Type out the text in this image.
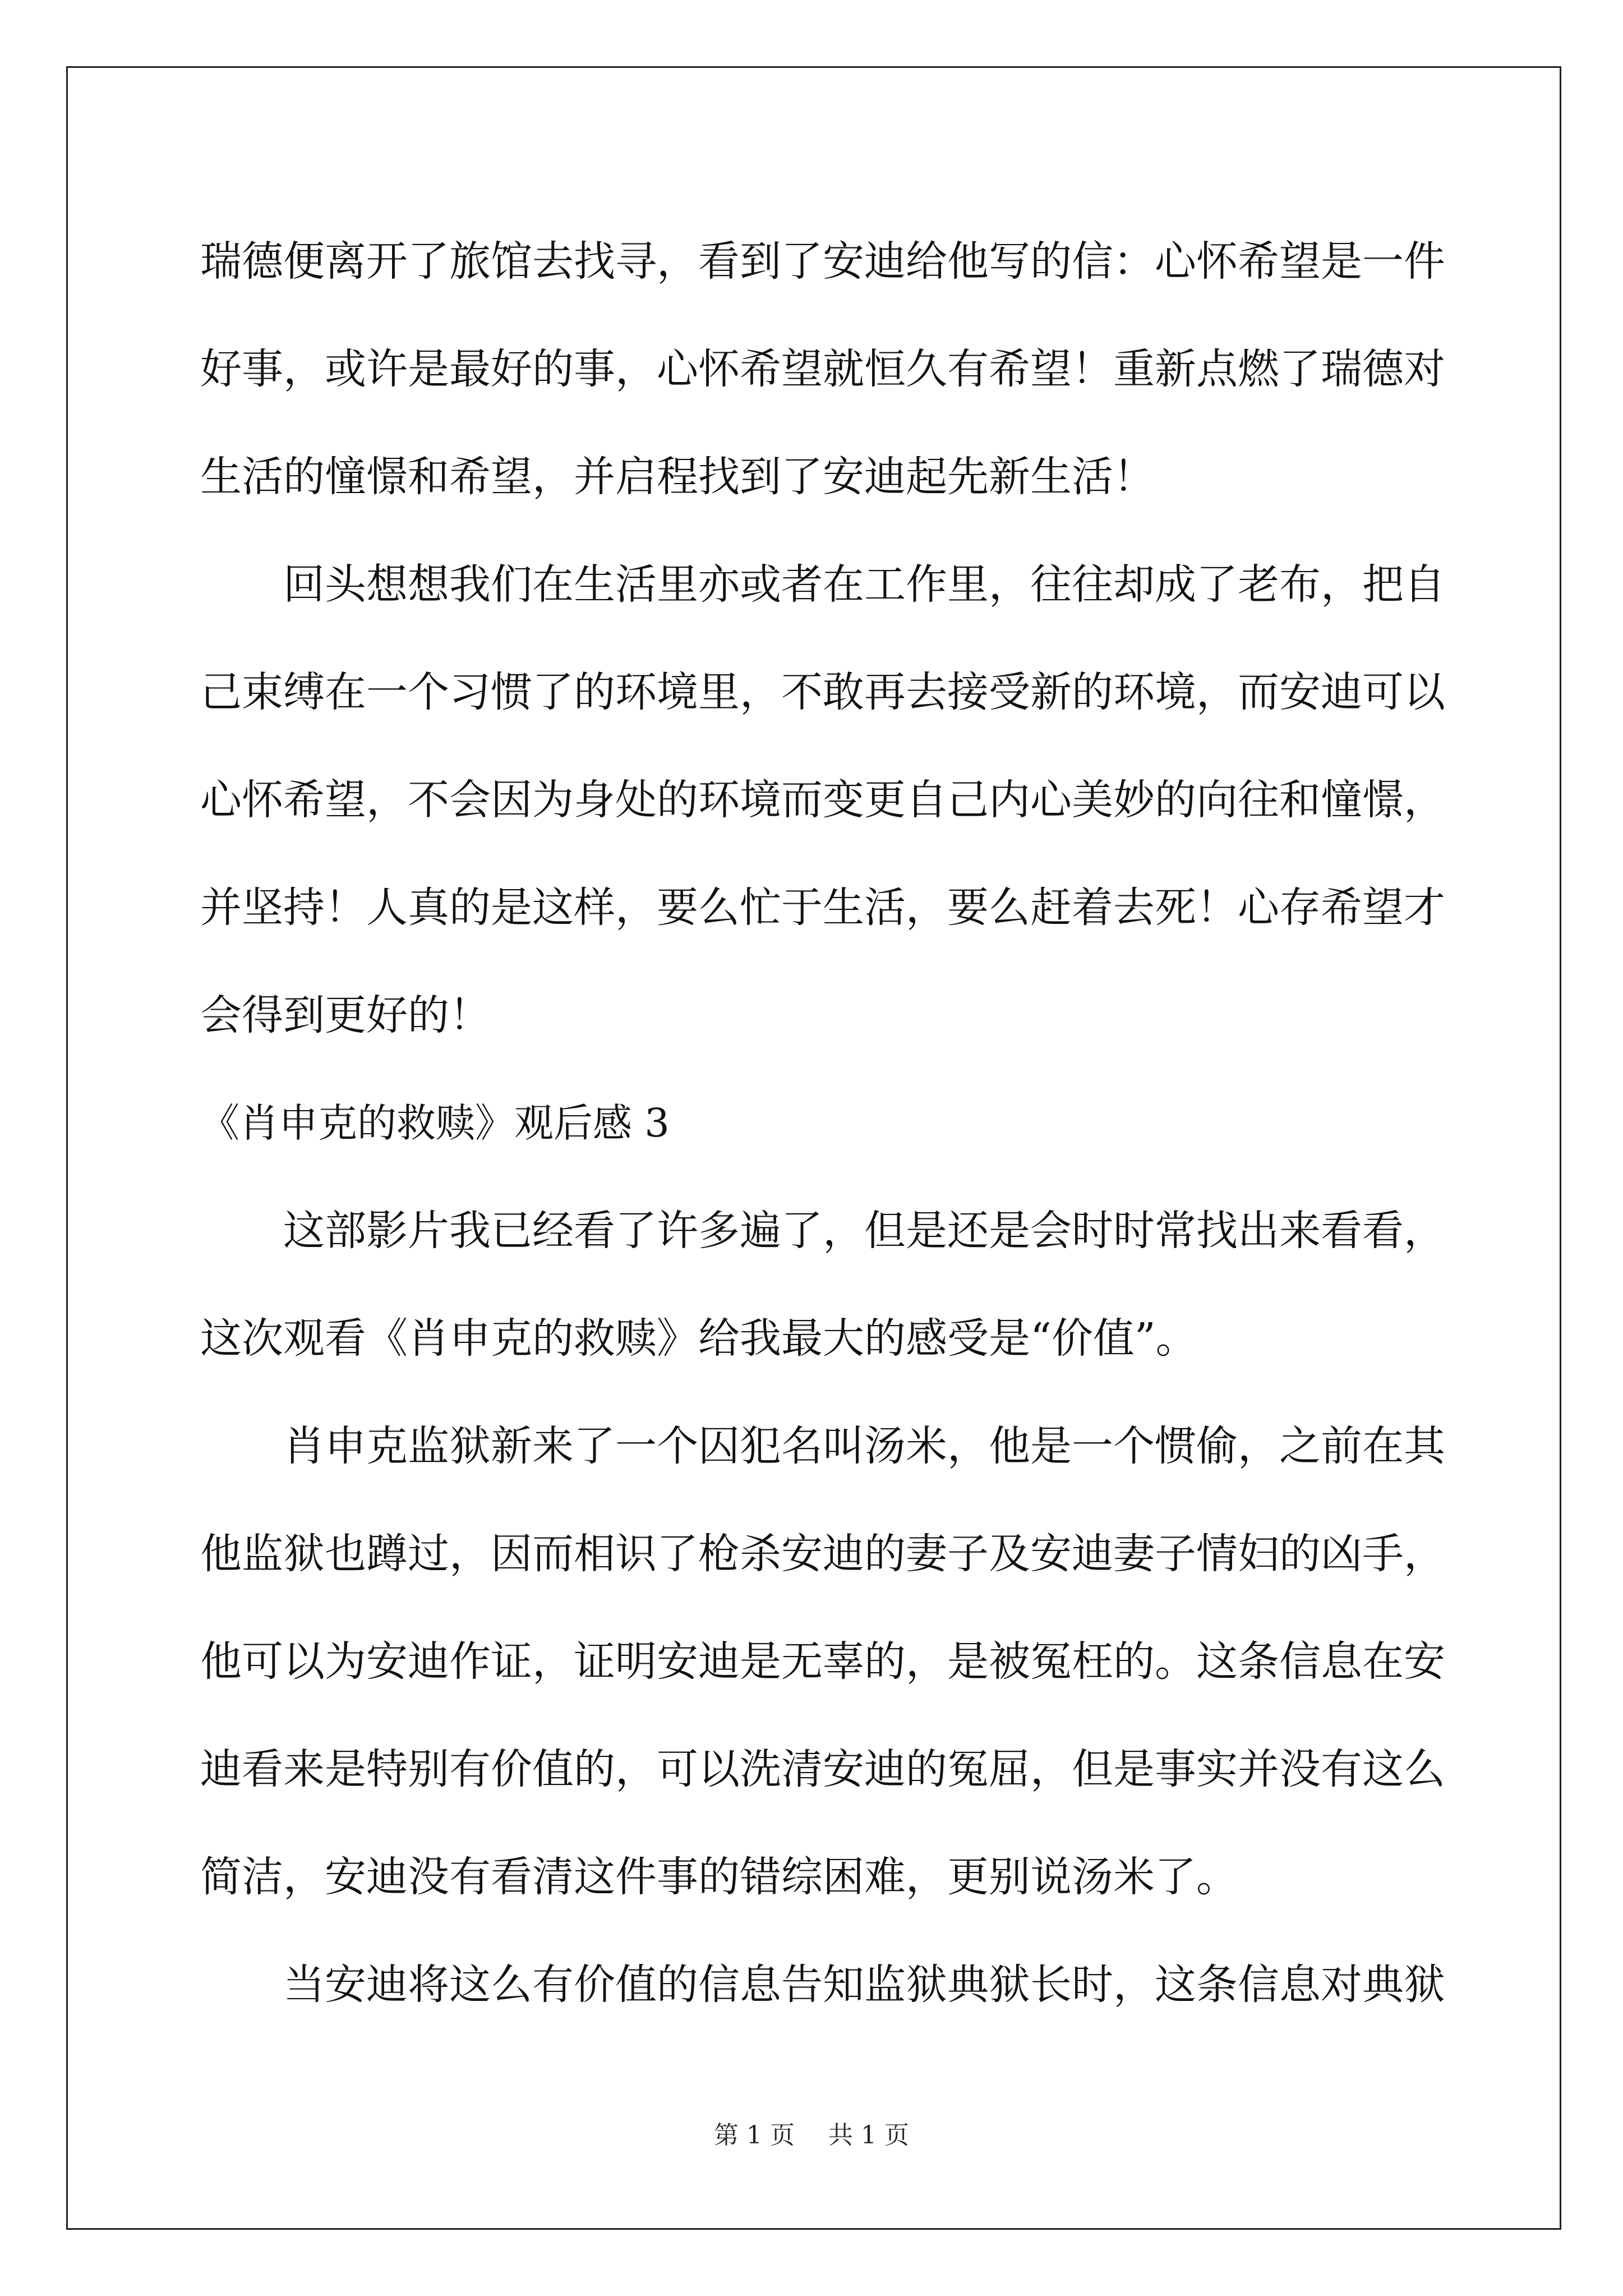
瑞德便离开了旅馆去找寻，看到了安迪给他写的信：心怀希望是一件
好事，或许是最好的事，心怀希望就恒久有希望！重新点燃了瑞德对
生活的憧憬和希望，并启程找到了安迪起先新生活！
回头想想我们在生活里亦或者在工作里，往往却成了老布，把自
己束缚在一个习惯了的环境里，不敢再去接受新的环境，而安迪可以
心怀希望，不会因为身处的环境而变更自己内心美妙的向往和憧憬，
并坚持！人真的是这样，要么忙于生活，要么赶着去死！心存希望才
会得到更好的！
《肖申克的救赎》观后感 3
这部影片我已经看了许多遍了，但是还是会时时常找出来看看，
这次观看《肖申克的救赎》给我最大的感受是“价值”。
肖申克监狱新来了一个囚犯名叫汤米，他是一个惯偷，之前在其
他监狱也蹲过，因而相识了枪杀安迪的妻子及安迪妻子情妇的凶手，
他可以为安迪作证，证明安迪是无辜的，是被冤枉的。这条信息在安
迪看来是特别有价值的，可以洗清安迪的冤屈，但是事实并没有这么
简洁，安迪没有看清这件事的错综困难，更别说汤米了。
当安迪将这么有价值的信息告知监狱典狱长时，这条信息对典狱
第 1 页 共 1 页
